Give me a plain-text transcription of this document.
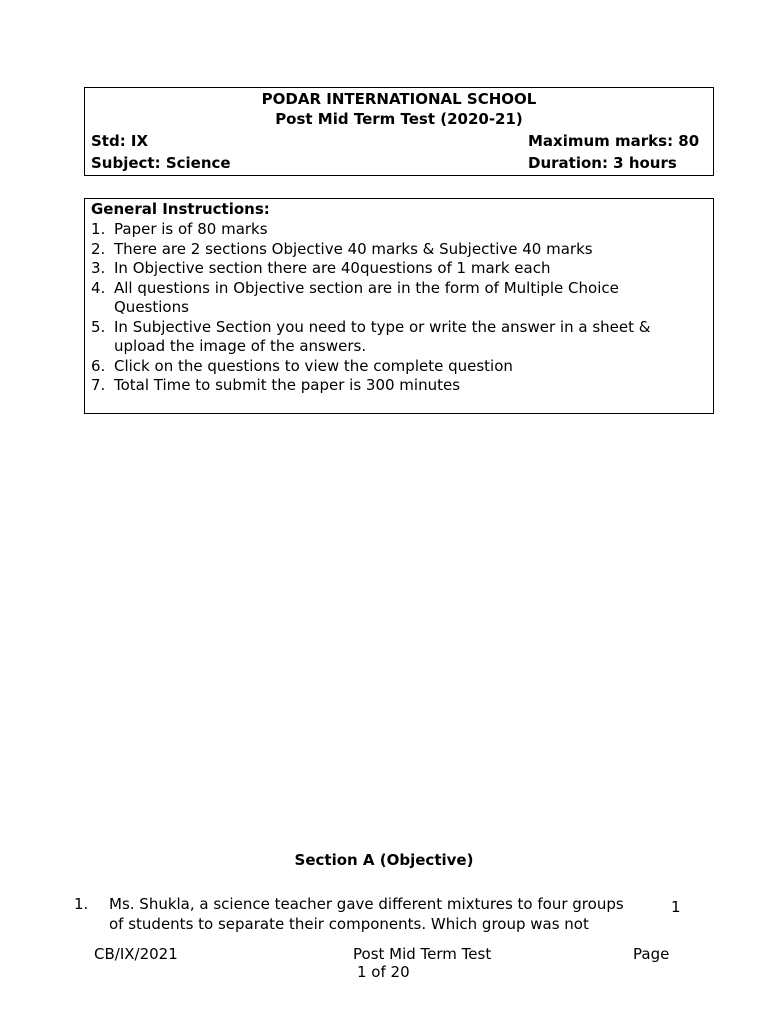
PODAR INTERNATIONAL SCHOOL
Post Mid Term Test (2020-21)
Std: IX	Maximum marks: 80
Subject: Science	Duration: 3 hours
General Instructions:
1. Paper is of 80 marks
2. There are 2 sections Objective 40 marks & Subjective 40 marks
3. In Objective section there are 40questions of 1 mark each
4. All questions in Objective section are in the form of Multiple Choice
Questions
5. In Subjective Section you need to type or write the answer in a sheet &
upload the image of the answers.
6. Click on the questions to view the complete question
7. Total Time to submit the paper is 300 minutes
Section A (Objective)
1. Ms. Shukla, a science teacher gave different mixtures to four groups
of students to separate their components. Which group was not
1
CB/IX/2021	Post Mid Term Test	Page
1 of 20
